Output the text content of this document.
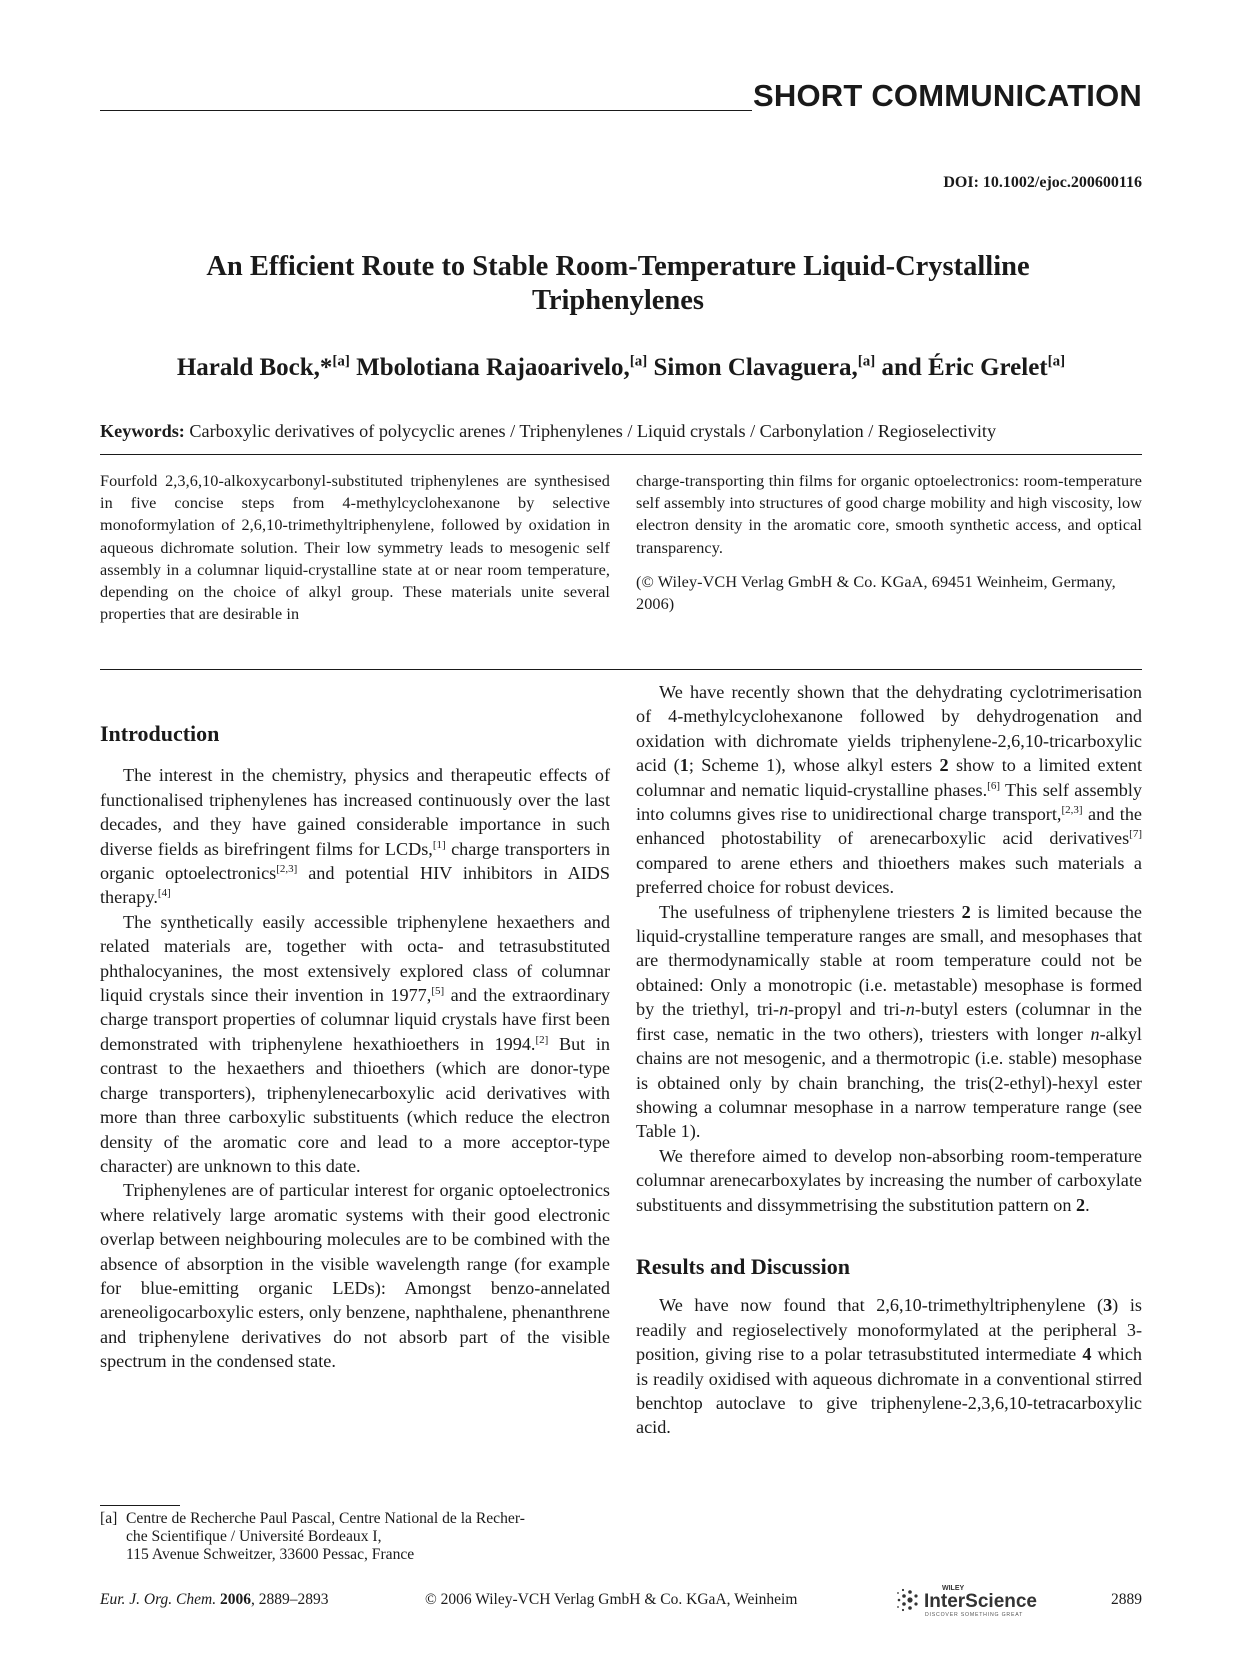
SHORT COMMUNICATION
DOI: 10.1002/ejoc.200600116
An Efficient Route to Stable Room-Temperature Liquid-Crystalline
Triphenylenes
Harald Bock,*[a] Mbolotiana Rajaoarivelo,[a] Simon Clavaguera,[a] and Éric Grelet[a]
Keywords: Carboxylic derivatives of polycyclic arenes / Triphenylenes / Liquid crystals / Carbonylation / Regioselectivity

Fourfold 2,3,6,10-alkoxycarbonyl-substituted triphenylenes are synthesised in five concise steps from 4-methylcyclohexanone by selective monoformylation of 2,6,10-trimethyltriphenylene, followed by oxidation in aqueous dichromate solution. Their low symmetry leads to mesogenic self assembly in a columnar liquid-crystalline state at or near room temperature, depending on the choice of alkyl group. These materials unite several properties that are desirable in

charge-transporting thin films for organic optoelectronics: room-temperature self assembly into structures of good charge mobility and high viscosity, low electron density in the aromatic core, smooth synthetic access, and optical transparency.

(© Wiley-VCH Verlag GmbH & Co. KGaA, 69451 Weinheim, Germany, 2006)

Introduction

The interest in the chemistry, physics and therapeutic effects of functionalised triphenylenes has increased continuously over the last decades, and they have gained considerable importance in such diverse fields as birefringent films for LCDs,[1] charge transporters in organic optoelectronics[2,3] and potential HIV inhibitors in AIDS therapy.[4]

The synthetically easily accessible triphenylene hexaethers and related materials are, together with octa- and tetrasubstituted phthalocyanines, the most extensively explored class of columnar liquid crystals since their invention in 1977,[5] and the extraordinary charge transport properties of columnar liquid crystals have first been demonstrated with triphenylene hexathioethers in 1994.[2] But in contrast to the hexaethers and thioethers (which are donor-type charge transporters), triphenylenecarboxylic acid derivatives with more than three carboxylic substituents (which reduce the electron density of the aromatic core and lead to a more acceptor-type character) are unknown to this date.

Triphenylenes are of particular interest for organic optoelectronics where relatively large aromatic systems with their good electronic overlap between neighbouring molecules are to be combined with the absence of absorption in the visible wavelength range (for example for blue-emitting organic LEDs): Amongst benzo-annelated areneoligocarboxylic esters, only benzene, naphthalene, phenanthrene and triphenylene derivatives do not absorb part of the visible spectrum in the condensed state.

We have recently shown that the dehydrating cyclotrimerisation of 4-methylcyclohexanone followed by dehydrogenation and oxidation with dichromate yields triphenylene-2,6,10-tricarboxylic acid (1; Scheme 1), whose alkyl esters 2 show to a limited extent columnar and nematic liquid-crystalline phases.[6] This self assembly into columns gives rise to unidirectional charge transport,[2,3] and the enhanced photostability of arenecarboxylic acid derivatives[7] compared to arene ethers and thioethers makes such materials a preferred choice for robust devices.

The usefulness of triphenylene triesters 2 is limited because the liquid-crystalline temperature ranges are small, and mesophases that are thermodynamically stable at room temperature could not be obtained: Only a monotropic (i.e. metastable) mesophase is formed by the triethyl, tri-n-propyl and tri-n-butyl esters (columnar in the first case, nematic in the two others), triesters with longer n-alkyl chains are not mesogenic, and a thermotropic (i.e. stable) mesophase is obtained only by chain branching, the tris(2-ethyl)-hexyl ester showing a columnar mesophase in a narrow temperature range (see Table 1).

We therefore aimed to develop non-absorbing room-temperature columnar arenecarboxylates by increasing the number of carboxylate substituents and dissymmetrising the substitution pattern on 2.

Results and Discussion

We have now found that 2,6,10-trimethyltriphenylene (3) is readily and regioselectively monoformylated at the peripheral 3-position, giving rise to a polar tetrasubstituted intermediate 4 which is readily oxidised with aqueous dichromate in a conventional stirred benchtop autoclave to give triphenylene-2,3,6,10-tetracarboxylic acid.

[a] Centre de Recherche Paul Pascal, Centre National de la Recher-
che Scientifique / Université Bordeaux I,
115 Avenue Schweitzer, 33600 Pessac, France
Eur. J. Org. Chem. 2006, 2889–2893	© 2006 Wiley-VCH Verlag GmbH & Co. KGaA, Weinheim
WILEY
InterScience
DISCOVER SOMETHING GREAT
2889
